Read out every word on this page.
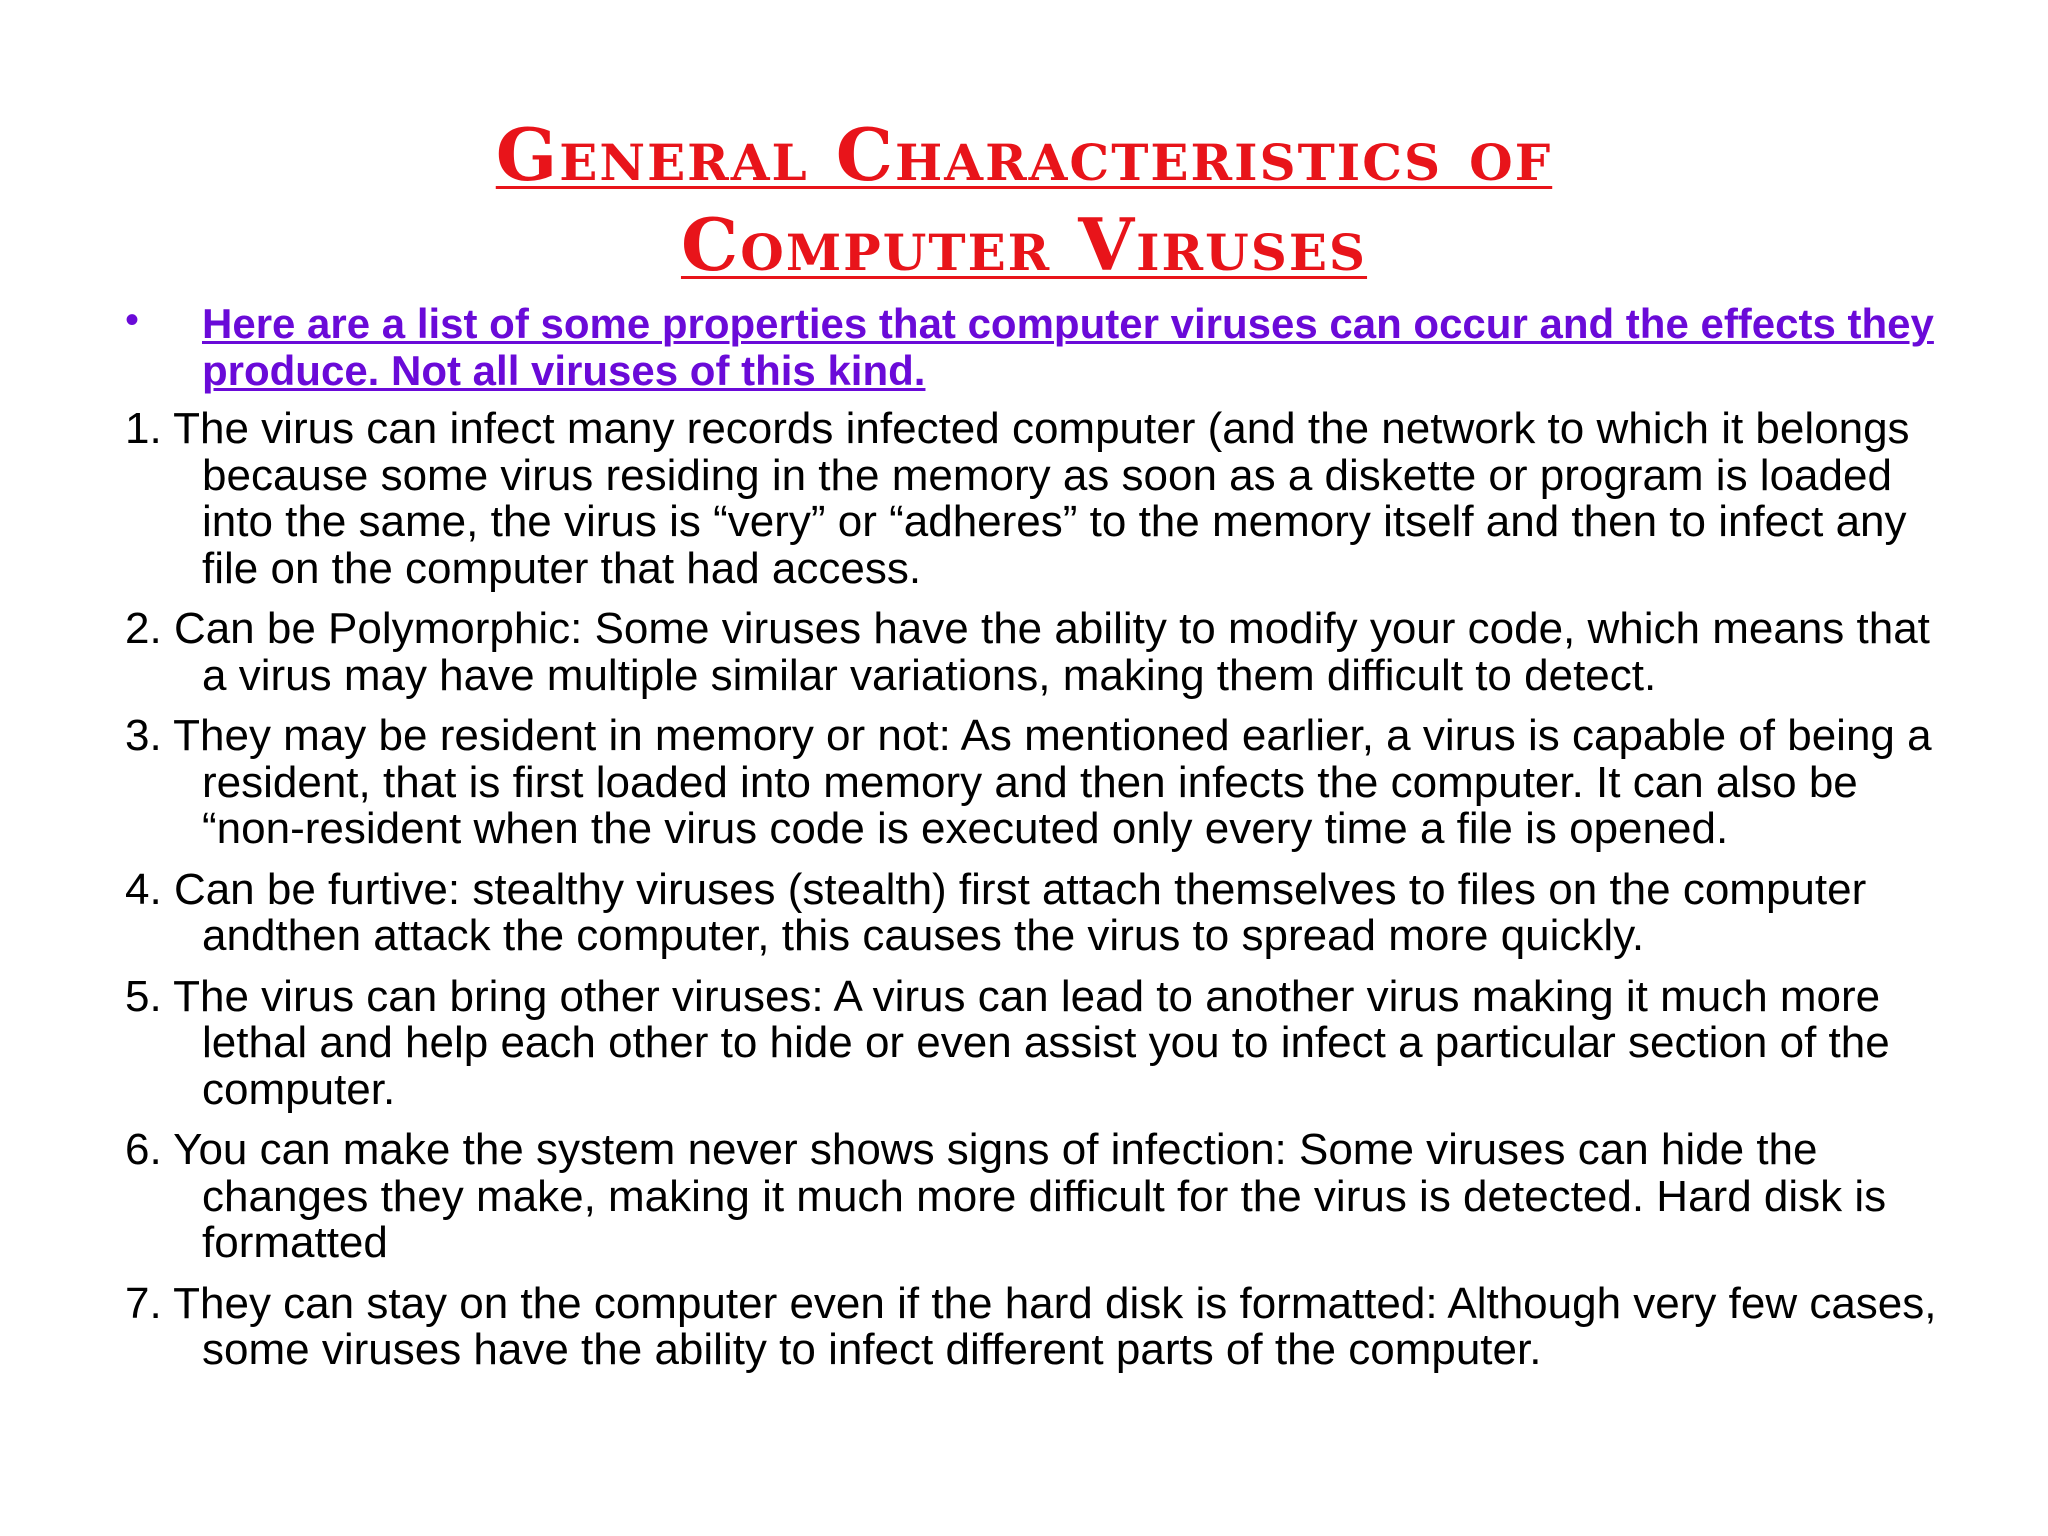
General Characteristics of
Computer Viruses
• Here are a list of some properties that computer viruses can occur and the effects they produce. Not all viruses of this kind.
1. The virus can infect many records infected computer (and the network to which it belongs because some virus residing in the memory as soon as a diskette or program is loaded into the same, the virus is “very” or “adheres” to the memory itself and then to infect any file on the computer that had access.
2. Can be Polymorphic: Some viruses have the ability to modify your code, which means that a virus may have multiple similar variations, making them difficult to detect.
3. They may be resident in memory or not: As mentioned earlier, a virus is capable of being a resident, that is first loaded into memory and then infects the computer. It can also be “non-resident when the virus code is executed only every time a file is opened.
4. Can be furtive: stealthy viruses (stealth) first attach themselves to files on the computer andthen attack the computer, this causes the virus to spread more quickly.
5. The virus can bring other viruses: A virus can lead to another virus making it much more lethal and help each other to hide or even assist you to infect a particular section of the computer.
6. You can make the system never shows signs of infection: Some viruses can hide the changes they make, making it much more difficult for the virus is detected. Hard disk is formatted
7. They can stay on the computer even if the hard disk is formatted: Although very few cases, some viruses have the ability to infect different parts of the computer.
